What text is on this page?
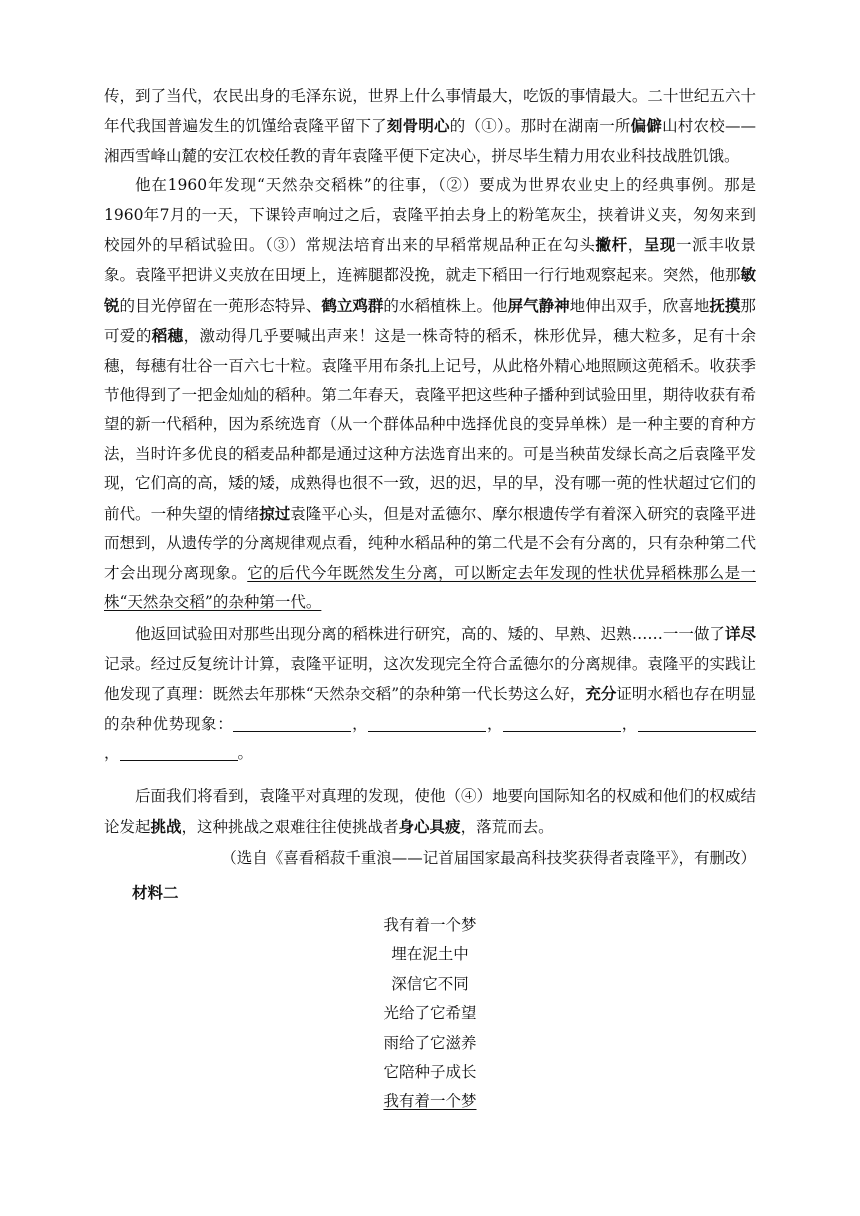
传，到了当代，农民出身的毛泽东说，世界上什么事情最大，吃饭的事情最大。二十世纪五六十年代我国普遍发生的饥馑给袁隆平留下了刻骨明心的（①）。那时在湖南一所偏僻山村农校——湘西雪峰山麓的安江农校任教的青年袁隆平便下定决心，拼尽毕生精力用农业科技战胜饥饿。

他在1960年发现“天然杂交稻株”的往事，（②）要成为世界农业史上的经典事例。那是1960年7月的一天，下课铃声响过之后，袁隆平拍去身上的粉笔灰尘，挟着讲义夹，匆匆来到校园外的早稻试验田。（③）常规法培育出来的早稻常规品种正在勾头撇杆，呈现一派丰收景象。袁隆平把讲义夹放在田埂上，连裤腿都没挽，就走下稻田一行行地观察起来。突然，他那敏锐的目光停留在一蔸形态特异、鹤立鸡群的水稻植株上。他屏气静神地伸出双手，欣喜地抚摸那可爱的稻穗，激动得几乎要喊出声来！这是一株奇特的稻禾，株形优异，穗大粒多，足有十余穗，每穗有壮谷一百六七十粒。袁隆平用布条扎上记号，从此格外精心地照顾这蔸稻禾。收获季节他得到了一把金灿灿的稻种。第二年春天，袁隆平把这些种子播种到试验田里，期待收获有希望的新一代稻种，因为系统选育（从一个群体品种中选择优良的变异单株）是一种主要的育种方法，当时许多优良的稻麦品种都是通过这种方法选育出来的。可是当秧苗发绿长高之后袁隆平发现，它们高的高，矮的矮，成熟得也很不一致，迟的迟，早的早，没有哪一蔸的性状超过它们的前代。一种失望的情绪掠过袁隆平心头，但是对孟德尔、摩尔根遗传学有着深入研究的袁隆平进而想到，从遗传学的分离规律观点看，纯种水稻品种的第二代是不会有分离的，只有杂种第二代才会出现分离现象。它的后代今年既然发生分离，可以断定去年发现的性状优异稻株那么是一株“天然杂交稻”的杂种第一代。

他返回试验田对那些出现分离的稻株进行研究，高的、矮的、早熟、迟熟……一一做了详尽记录。经过反复统计计算，袁隆平证明，这次发现完全符合孟德尔的分离规律。袁隆平的实践让他发现了真理：既然去年那株“天然杂交稻”的杂种第一代长势这么好，充分证明水稻也存在明显的杂种优势现象：	，	，	，，	。

后面我们将看到，袁隆平对真理的发现，使他（④）地要向国际知名的权威和他们的权威结论发起挑战，这种挑战之艰难往往使挑战者身心具疲，落荒而去。

（选自《喜看稻菽千重浪——记首届国家最高科技奖获得者袁隆平》，有删改）

材料二

我有着一个梦
埋在泥土中
深信它不同
光给了它希望
雨给了它滋养
它陪种子成长
我有着一个梦
